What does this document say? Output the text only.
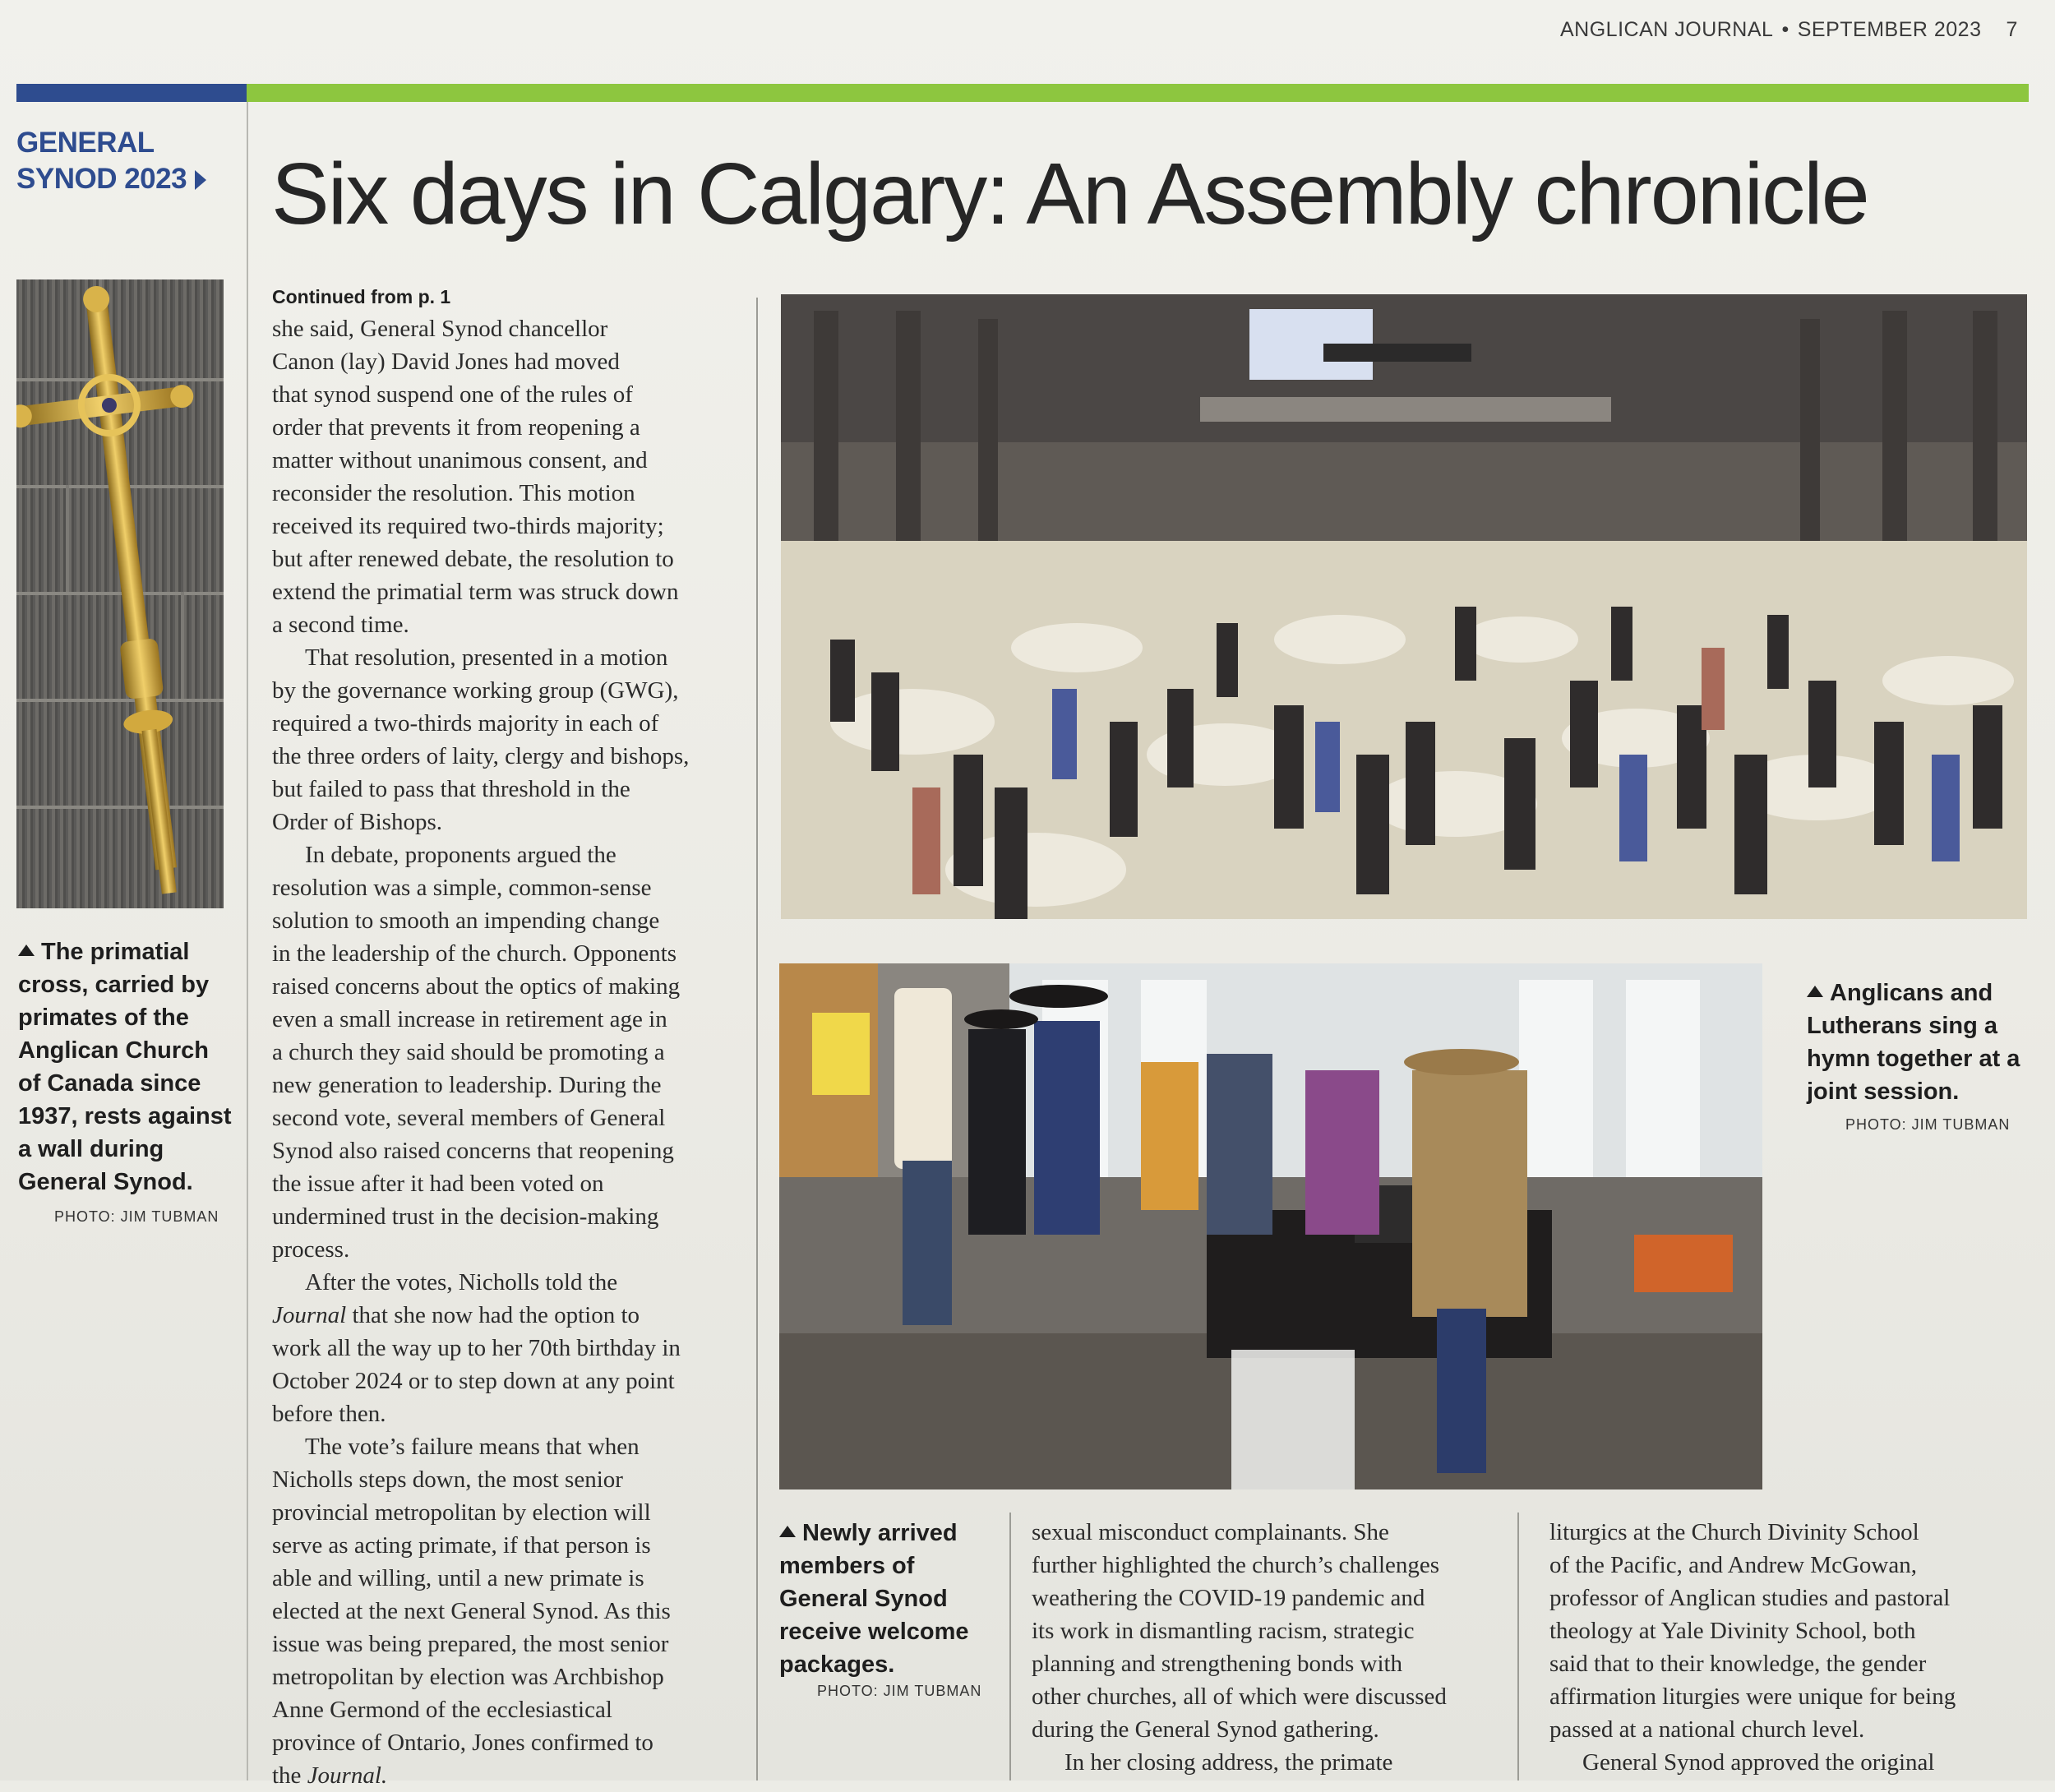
ANGLICAN JOURNAL • SEPTEMBER 2023 7
GENERAL
SYNOD 2023 Six days in Calgary: An Assembly chronicle
The primatial
cross, carried by
primates of the
Anglican Church
of Canada since
1937, rests against
a wall during
General Synod.
PHOTO: JIM TUBMAN
Continued from p. 1

she said, General Synod chancellor
Canon (lay) David Jones had moved
that synod suspend one of the rules of
order that prevents it from reopening a
matter without unanimous consent, and
reconsider the resolution. This motion
received its required two-thirds majority;
but after renewed debate, the resolution to
extend the primatial term was struck down
a second time.

That resolution, presented in a motion
by the governance working group (GWG),
required a two-thirds majority in each of
the three orders of laity, clergy and bishops,
but failed to pass that threshold in the
Order of Bishops.

In debate, proponents argued the
resolution was a simple, common-sense
solution to smooth an impending change
in the leadership of the church. Opponents
raised concerns about the optics of making
even a small increase in retirement age in
a church they said should be promoting a
new generation to leadership. During the
second vote, several members of General
Synod also raised concerns that reopening
the issue after it had been voted on
undermined trust in the decision-making
process.

After the votes, Nicholls told the
Journal that she now had the option to
work all the way up to her 70th birthday in
October 2024 or to step down at any point
before then.

The vote’s failure means that when
Nicholls steps down, the most senior
provincial metropolitan by election will
serve as acting primate, if that person is
able and willing, until a new primate is
elected at the next General Synod. As this
issue was being prepared, the most senior
metropolitan by election was Archbishop
Anne Germond of the ecclesiastical
province of Ontario, Jones confirmed to
the Journal.

Anglicans and
Lutherans sing a
hymn together at a
joint session.
PHOTO: JIM TUBMAN
Newly arrived
members of
General Synod
receive welcome
packages.
PHOTO: JIM TUBMAN

sexual misconduct complainants. She
further highlighted the church’s challenges
weathering the COVID-19 pandemic and
its work in dismantling racism, strategic
planning and strengthening bonds with
other churches, all of which were discussed
during the General Synod gathering.

In her closing address, the primate

liturgics at the Church Divinity School
of the Pacific, and Andrew McGowan,
professor of Anglican studies and pastoral
theology at Yale Divinity School, both
said that to their knowledge, the gender
affirmation liturgies were unique for being
passed at a national church level.

General Synod approved the original
